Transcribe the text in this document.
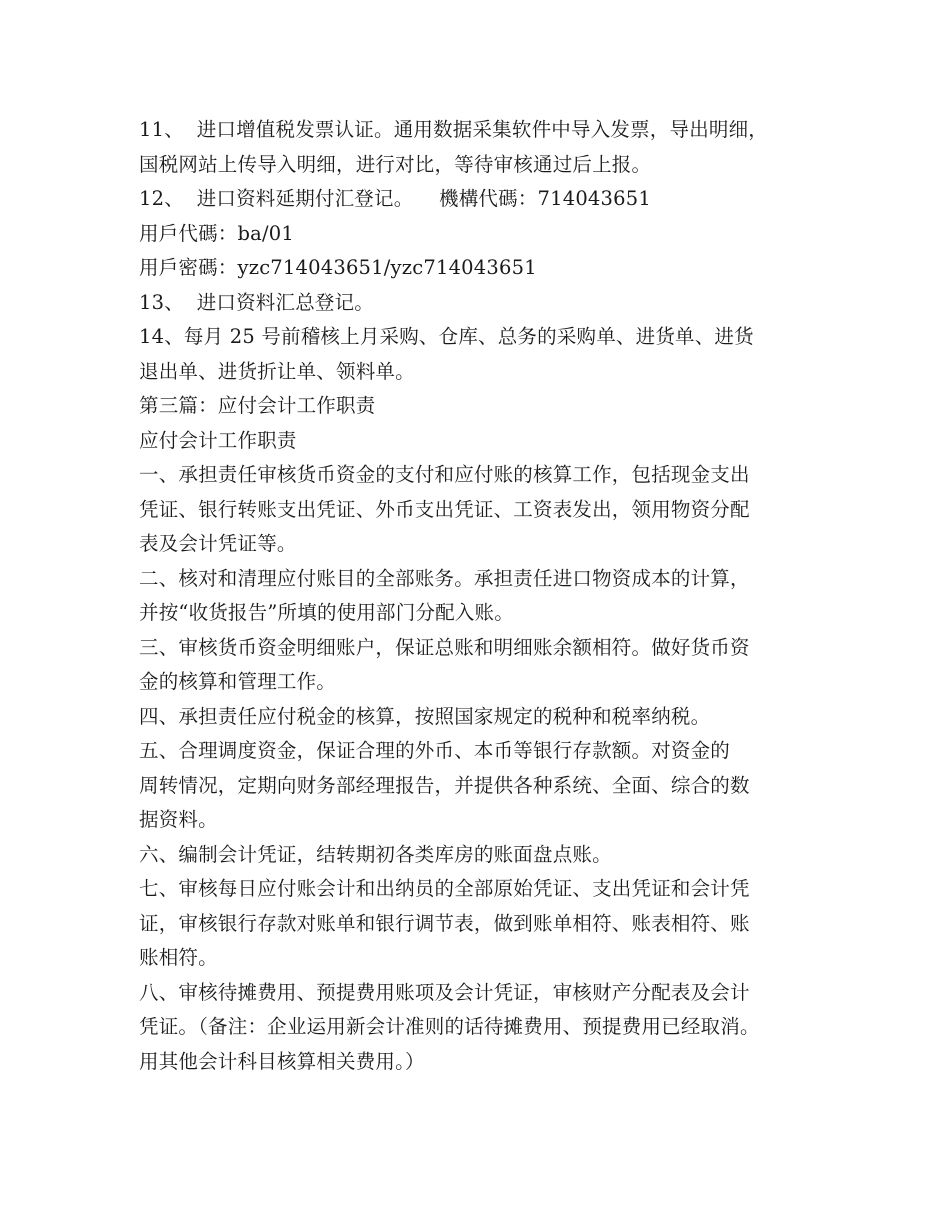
11、  进口增值税发票认证。通用数据采集软件中导入发票，导出明细，
国税网站上传导入明细，进行对比，等待审核通过后上报。
12、  进口资料延期付汇登记。    機構代碼：714043651
用戶代碼：ba/01
用戶密碼：yzc714043651/yzc714043651
13、  进口资料汇总登记。
14、每月 25 号前稽核上月采购、仓库、总务的采购单、进货单、进货
退出单、进货折让单、领料单。
第三篇：应付会计工作职责
应付会计工作职责
一、承担责任审核货币资金的支付和应付账的核算工作，包括现金支出
凭证、银行转账支出凭证、外币支出凭证、工资表发出，领用物资分配
表及会计凭证等。
二、核对和清理应付账目的全部账务。承担责任进口物资成本的计算，
并按“收货报告”所填的使用部门分配入账。
三、审核货币资金明细账户，保证总账和明细账余额相符。做好货币资
金的核算和管理工作。
四、承担责任应付税金的核算，按照国家规定的税种和税率纳税。
五、合理调度资金，保证合理的外币、本币等银行存款额。对资金的
周转情况，定期向财务部经理报告，并提供各种系统、全面、综合的数
据资料。
六、编制会计凭证，结转期初各类库房的账面盘点账。
七、审核每日应付账会计和出纳员的全部原始凭证、支出凭证和会计凭
证，审核银行存款对账单和银行调节表，做到账单相符、账表相符、账
账相符。
八、审核待摊费用、预提费用账项及会计凭证，审核财产分配表及会计
凭证。（备注：企业运用新会计准则的话待摊费用、预提费用已经取消。
用其他会计科目核算相关费用。）
